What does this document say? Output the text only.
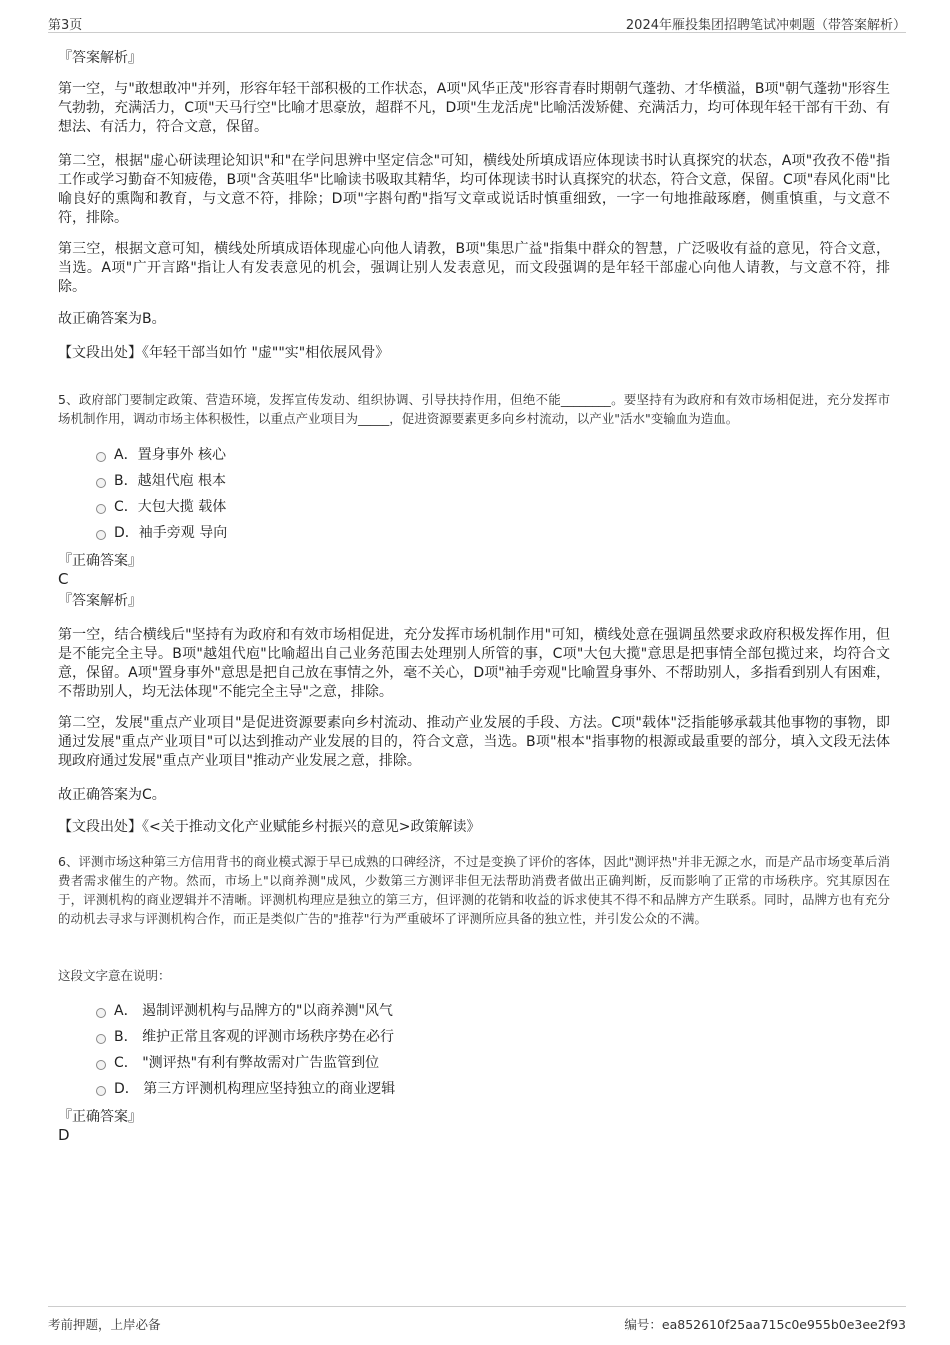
第3页	2024年雁投集团招聘笔试冲刺题（带答案解析）
『答案解析』
第一空，与"敢想敢冲"并列，形容年轻干部积极的工作状态，A项"风华正茂"形容青春时期朝气蓬勃、才华横溢，B项"朝气蓬勃"形容生气勃勃，充满活力，C项"天马行空"比喻才思豪放，超群不凡，D项"生龙活虎"比喻活泼矫健、充满活力，均可体现年轻干部有干劲、有想法、有活力，符合文意，保留。
第二空，根据"虚心研读理论知识"和"在学问思辨中坚定信念"可知，横线处所填成语应体现读书时认真探究的状态，A项"孜孜不倦"指工作或学习勤奋不知疲倦，B项"含英咀华"比喻读书吸取其精华，均可体现读书时认真探究的状态，符合文意，保留。C项"春风化雨"比喻良好的熏陶和教育，与文意不符，排除；D项"字斟句酌"指写文章或说话时慎重细致，一字一句地推敲琢磨，侧重慎重，与文意不符，排除。
第三空，根据文意可知，横线处所填成语体现虚心向他人请教，B项"集思广益"指集中群众的智慧，广泛吸收有益的意见，符合文意，当选。A项"广开言路"指让人有发表意见的机会，强调让别人发表意见，而文段强调的是年轻干部虚心向他人请教，与文意不符，排除。
故正确答案为B。
【文段出处】《年轻干部当如竹 "虚""实"相依展风骨》
5、政府部门要制定政策、营造环境，发挥宣传发动、组织协调、引导扶持作用，但绝不能________。要坚持有为政府和有效市场相促进，充分发挥市场机制作用，调动市场主体积极性，以重点产业项目为_____，促进资源要素更多向乡村流动，以产业"活水"变输血为造血。
A．置身事外 核心
B．越俎代庖 根本
C．大包大揽 载体
D．袖手旁观 导向
『正确答案』
C
『答案解析』
第一空，结合横线后"坚持有为政府和有效市场相促进，充分发挥市场机制作用"可知，横线处意在强调虽然要求政府积极发挥作用，但是不能完全主导。B项"越俎代庖"比喻超出自己业务范围去处理别人所管的事，C项"大包大揽"意思是把事情全部包揽过来，均符合文意，保留。A项"置身事外"意思是把自己放在事情之外，毫不关心，D项"袖手旁观"比喻置身事外、不帮助别人，多指看到别人有困难，不帮助别人，均无法体现"不能完全主导"之意，排除。
第二空，发展"重点产业项目"是促进资源要素向乡村流动、推动产业发展的手段、方法。C项"载体"泛指能够承载其他事物的事物，即通过发展"重点产业项目"可以达到推动产业发展的目的，符合文意，当选。B项"根本"指事物的根源或最重要的部分，填入文段无法体现政府通过发展"重点产业项目"推动产业发展之意，排除。
故正确答案为C。
【文段出处】《<关于推动文化产业赋能乡村振兴的意见>政策解读》
6、评测市场这种第三方信用背书的商业模式源于早已成熟的口碑经济，不过是变换了评价的客体，因此"测评热"并非无源之水，而是产品市场变革后消费者需求催生的产物。然而，市场上"以商养测"成风，少数第三方测评非但无法帮助消费者做出正确判断，反而影响了正常的市场秩序。究其原因在于，评测机构的商业逻辑并不清晰。评测机构理应是独立的第三方，但评测的花销和收益的诉求使其不得不和品牌方产生联系。同时，品牌方也有充分的动机去寻求与评测机构合作，而正是类似广告的"推荐"行为严重破坏了评测所应具备的独立性，并引发公众的不满。
这段文字意在说明：
A． 遏制评测机构与品牌方的"以商养测"风气
B． 维护正常且客观的评测市场秩序势在必行
C． "测评热"有利有弊故需对广告监管到位
D． 第三方评测机构理应坚持独立的商业逻辑
『正确答案』
D
考前押题，上岸必备	编号：ea852610f25aa715c0e955b0e3ee2f93
